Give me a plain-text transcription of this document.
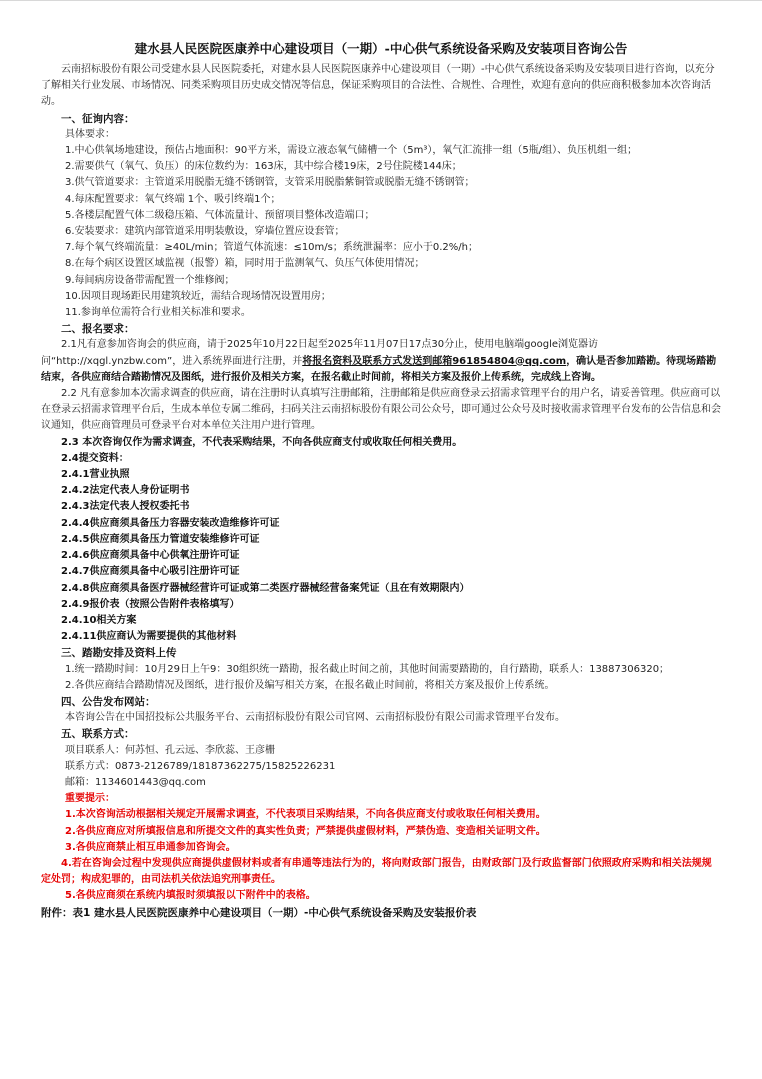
建水县人民医院医康养中心建设项目（一期）-中心供气系统设备采购及安装项目咨询公告

云南招标股份有限公司受建水县人民医院委托，对建水县人民医院医康养中心建设项目（一期）-中心供气系统设备采购及安装项目进行咨询，以充分了解相关行业发展、市场情况、同类采购项目历史成交情况等信息，保证采购项目的合法性、合规性、合理性，欢迎有意向的供应商积极参加本次咨询活动。

一、征询内容：

具体要求：

1.中心供氧场地建设，预估占地面积：90平方米，需设立液态氧气储槽一个（5m³），氧气汇流排一组（5瓶/组）、负压机组一组；

2.需要供气（氧气、负压）的床位数约为：163床，其中综合楼19床，2号住院楼144床；

3.供气管道要求：主管道采用脱脂无缝不锈钢管，支管采用脱脂紫铜管或脱脂无缝不锈钢管；

4.每床配置要求：氧气终端 1个、吸引终端1个；

5.各楼层配置气体二级稳压箱、气体流量计、预留项目整体改造端口；

6.安装要求：建筑内部管道采用明装敷设，穿墙位置应设套管；

7.每个氧气终端流量：≥40L/min；管道气体流速：≤10m/s；系统泄漏率：应小于0.2%/h；

8.在每个病区设置区域监视（报警）箱，同时用于监测氧气、负压气体使用情况；

9.每间病房设备带需配置一个维修阀；

10.因项目现场距民用建筑较近，需结合现场情况设置用房；

11.参询单位需符合行业相关标准和要求。

二、报名要求：

2.1凡有意参加咨询会的供应商，请于2025年10月22日起至2025年11月07日17点30分止，使用电脑端google浏览器访问“http://xqgl.ynzbw.com”，进入系统界面进行注册，并将报名资料及联系方式发送到邮箱961854804@qq.com，确认是否参加踏勘。待现场踏勘结束，各供应商结合踏勘情况及图纸，进行报价及相关方案，在报名截止时间前，将相关方案及报价上传系统，完成线上咨询。

2.2 凡有意参加本次需求调查的供应商，请在注册时认真填写注册邮箱，注册邮箱是供应商登录云招需求管理平台的用户名，请妥善管理。供应商可以在登录云招需求管理平台后，生成本单位专属二维码，扫码关注云南招标股份有限公司公众号，即可通过公众号及时接收需求管理平台发布的公告信息和会议通知，供应商管理员可登录平台对本单位关注用户进行管理。

2.3 本次咨询仅作为需求调查，不代表采购结果，不向各供应商支付或收取任何相关费用。

2.4提交资料：

2.4.1营业执照

2.4.2法定代表人身份证明书

2.4.3法定代表人授权委托书

2.4.4供应商须具备压力容器安装改造维修许可证

2.4.5供应商须具备压力管道安装维修许可证

2.4.6供应商须具备中心供氧注册许可证

2.4.7供应商须具备中心吸引注册许可证

2.4.8供应商须具备医疗器械经营许可证或第二类医疗器械经营备案凭证（且在有效期限内）

2.4.9报价表（按照公告附件表格填写）

2.4.10相关方案

2.4.11供应商认为需要提供的其他材料

三、踏勘安排及资料上传

1.统一踏勘时间：10月29日上午9：30组织统一踏勘，报名截止时间之前，其他时间需要踏勘的，自行踏勘，联系人：13887306320；

2.各供应商结合踏勘情况及图纸，进行报价及编写相关方案，在报名截止时间前，将相关方案及报价上传系统。

四、公告发布网站：

本咨询公告在中国招投标公共服务平台、云南招标股份有限公司官网、云南招标股份有限公司需求管理平台发布。

五、联系方式：

项目联系人：何苏恒、孔云远、李欣蕊、王彦栅

联系方式：0873-2126789/18187362275/15825226231

邮箱：1134601443@qq.com

重要提示：

1.本次咨询活动根据相关规定开展需求调查，不代表项目采购结果，不向各供应商支付或收取任何相关费用。

2.各供应商应对所填报信息和所提交文件的真实性负责；严禁提供虚假材料，严禁伪造、变造相关证明文件。

3.各供应商禁止相互串通参加咨询会。

4.若在咨询会过程中发现供应商提供虚假材料或者有串通等违法行为的，将向财政部门报告，由财政部门及行政监督部门依照政府采购和相关法规规定处罚；构成犯罪的，由司法机关依法追究刑事责任。

5.各供应商须在系统内填报时须填报以下附件中的表格。

附件：表1 建水县人民医院医康养中心建设项目（一期）-中心供气系统设备采购及安装报价表
